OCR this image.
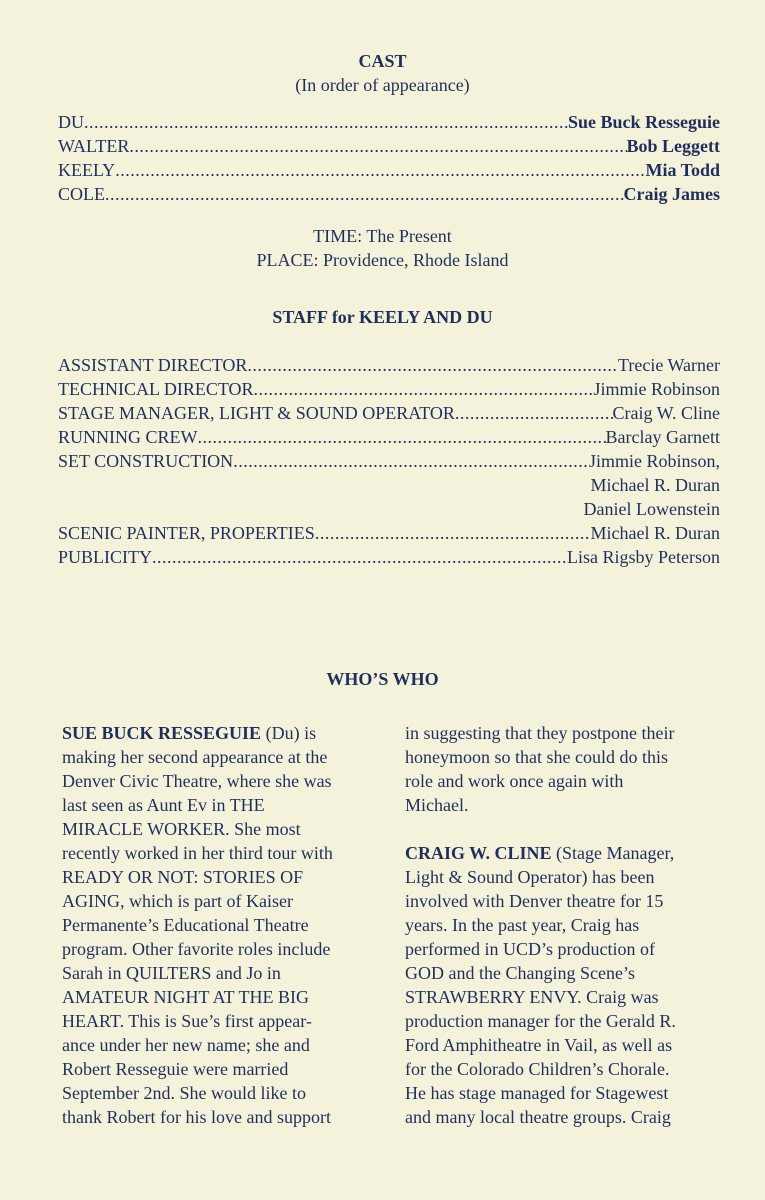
CAST
(In order of appearance)
DU .....	Sue Buck Resseguie
WALTER .....	Bob Leggett
KEELY .....	Mia Todd
COLE .....	Craig James
TIME: The Present
PLACE: Providence, Rhode Island
STAFF for KEELY AND DU
ASSISTANT DIRECTOR .....	Trecie Warner
TECHNICAL DIRECTOR .....	Jimmie Robinson
STAGE MANAGER, LIGHT & SOUND OPERATOR .....	Craig W. Cline
RUNNING CREW .....	Barclay Garnett
SET CONSTRUCTION .....	Jimmie Robinson,
Michael R. Duran
Daniel Lowenstein
SCENIC PAINTER, PROPERTIES .....	Michael R. Duran
PUBLICITY .....	Lisa Rigsby Peterson
WHO’S WHO

SUE BUCK RESSEGUIE (Du) is

making her second appearance at the

Denver Civic Theatre, where she was

last seen as Aunt Ev in THE

MIRACLE WORKER. She most

recently worked in her third tour with

READY OR NOT: STORIES OF

AGING, which is part of Kaiser

Permanente’s Educational Theatre

program. Other favorite roles include

Sarah in QUILTERS and Jo in

AMATEUR NIGHT AT THE BIG

HEART. This is Sue’s first appear-

ance under her new name; she and

Robert Resseguie were married

September 2nd. She would like to

thank Robert for his love and support

in suggesting that they postpone their

honeymoon so that she could do this

role and work once again with

Michael.

CRAIG W. CLINE (Stage Manager,

Light & Sound Operator) has been

involved with Denver theatre for 15

years. In the past year, Craig has

performed in UCD’s production of

GOD and the Changing Scene’s

STRAWBERRY ENVY. Craig was

production manager for the Gerald R.

Ford Amphitheatre in Vail, as well as

for the Colorado Children’s Chorale.

He has stage managed for Stagewest

and many local theatre groups. Craig
